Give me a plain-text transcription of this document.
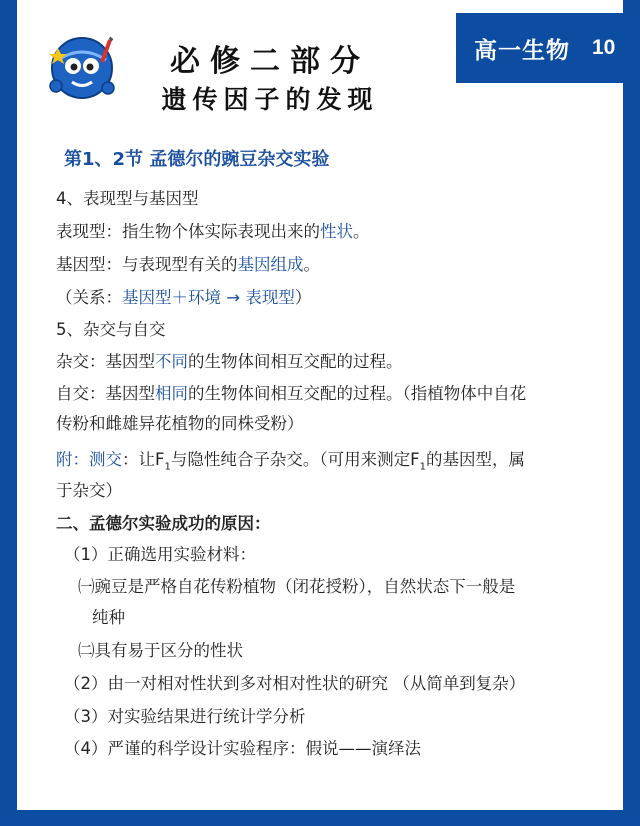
高一生物 10
必修二部分
遗传因子的发现
第1、2节 孟德尔的豌豆杂交实验
4、表现型与基因型
表现型：指生物个体实际表现出来的性状。
基因型：与表现型有关的基因组成。
（关系：基因型＋环境 → 表现型）
5、杂交与自交
杂交：基因型不同的生物体间相互交配的过程。
自交：基因型相同的生物体间相互交配的过程。（指植物体中自花
传粉和雌雄异花植物的同株受粉）
附：测交：让$F_1$与隐性纯合子杂交。（可用来测定$F_1$的基因型，属
于杂交）
二、孟德尔实验成功的原因：
（1）正确选用实验材料：
㈠豌豆是严格自花传粉植物（闭花授粉），自然状态下一般是
纯种
㈡具有易于区分的性状
（2）由一对相对性状到多对相对性状的研究 （从简单到复杂）
（3）对实验结果进行统计学分析
（4）严谨的科学设计实验程序：假说——演绎法
